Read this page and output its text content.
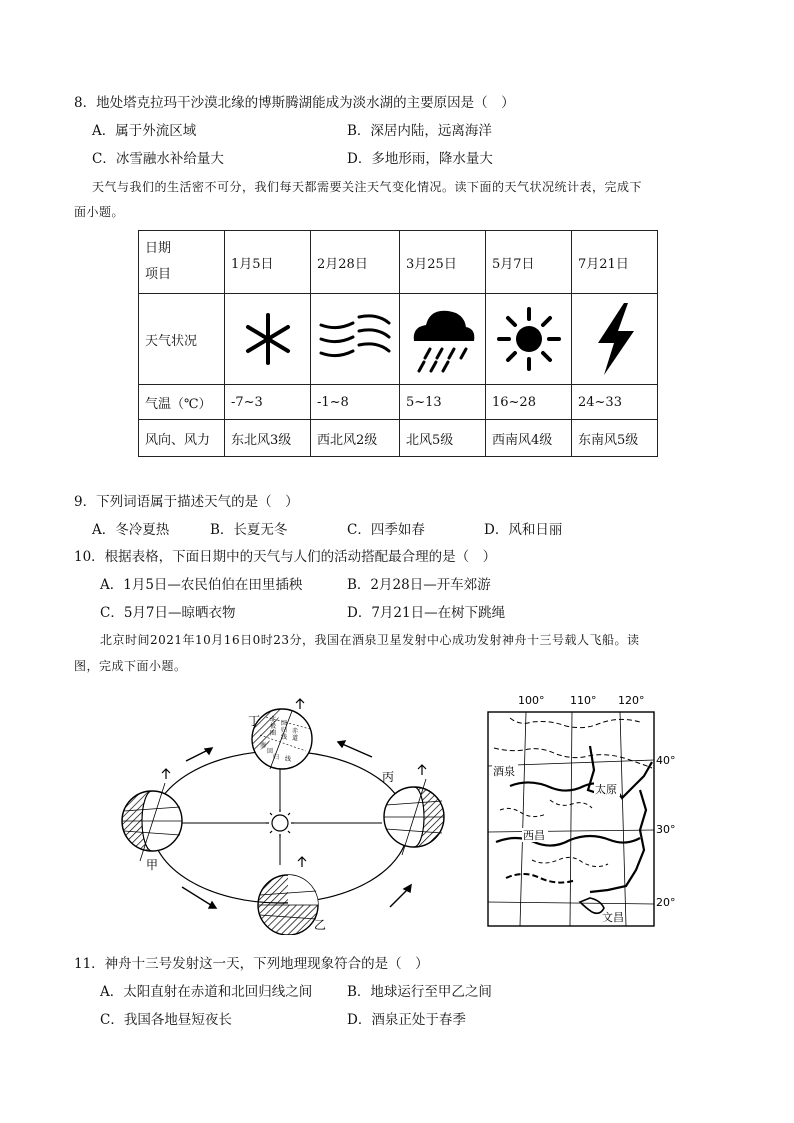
8．地处塔克拉玛干沙漠北缘的博斯腾湖能成为淡水湖的主要原因是（　）
A．属于外流区域	B．深居内陆，远离海洋
C．冰雪融水补给量大	D．多地形雨，降水量大
天气与我们的生活密不可分，我们每天都需要关注天气变化情况。读下面的天气状况统计表，完成下
面小题。
日期
项目	1月5日	2月28日	3月25日	5月7日	7月21日
天气状况	

气温（℃）	-7~3	-1~8	5~13	16~28	24~33
风向、风力	东北风3级	西北风2级	北风5级	西南风4级	东南风5级
9．下列词语属于描述天气的是（　）
A．冬冷夏热	B．长夏无冬	C．四季如春	D．风和日丽
10．根据表格，下面日期中的天气与人们的活动搭配最合理的是（　）
A．1月5日—农民伯伯在田里插秧	B．2月28日—开车郊游
C．5月7日—晾晒衣物	D．7月21日—在树下跳绳
北京时间2021年10月16日0时23分，我国在酒泉卫星发射中心成功发射神舟十三号载人飞船。读
图，完成下面小题。
甲
乙
丙
丁 北
极
圈
回
归
线
赤
道
南
回
归 线
100° 110° 120°
40°
30°
20°
酒泉
太原
西昌
文昌
11．神舟十三号发射这一天，下列地理现象符合的是（　）
A．太阳直射在赤道和北回归线之间	B．地球运行至甲乙之间
C．我国各地昼短夜长	D．酒泉正处于春季
